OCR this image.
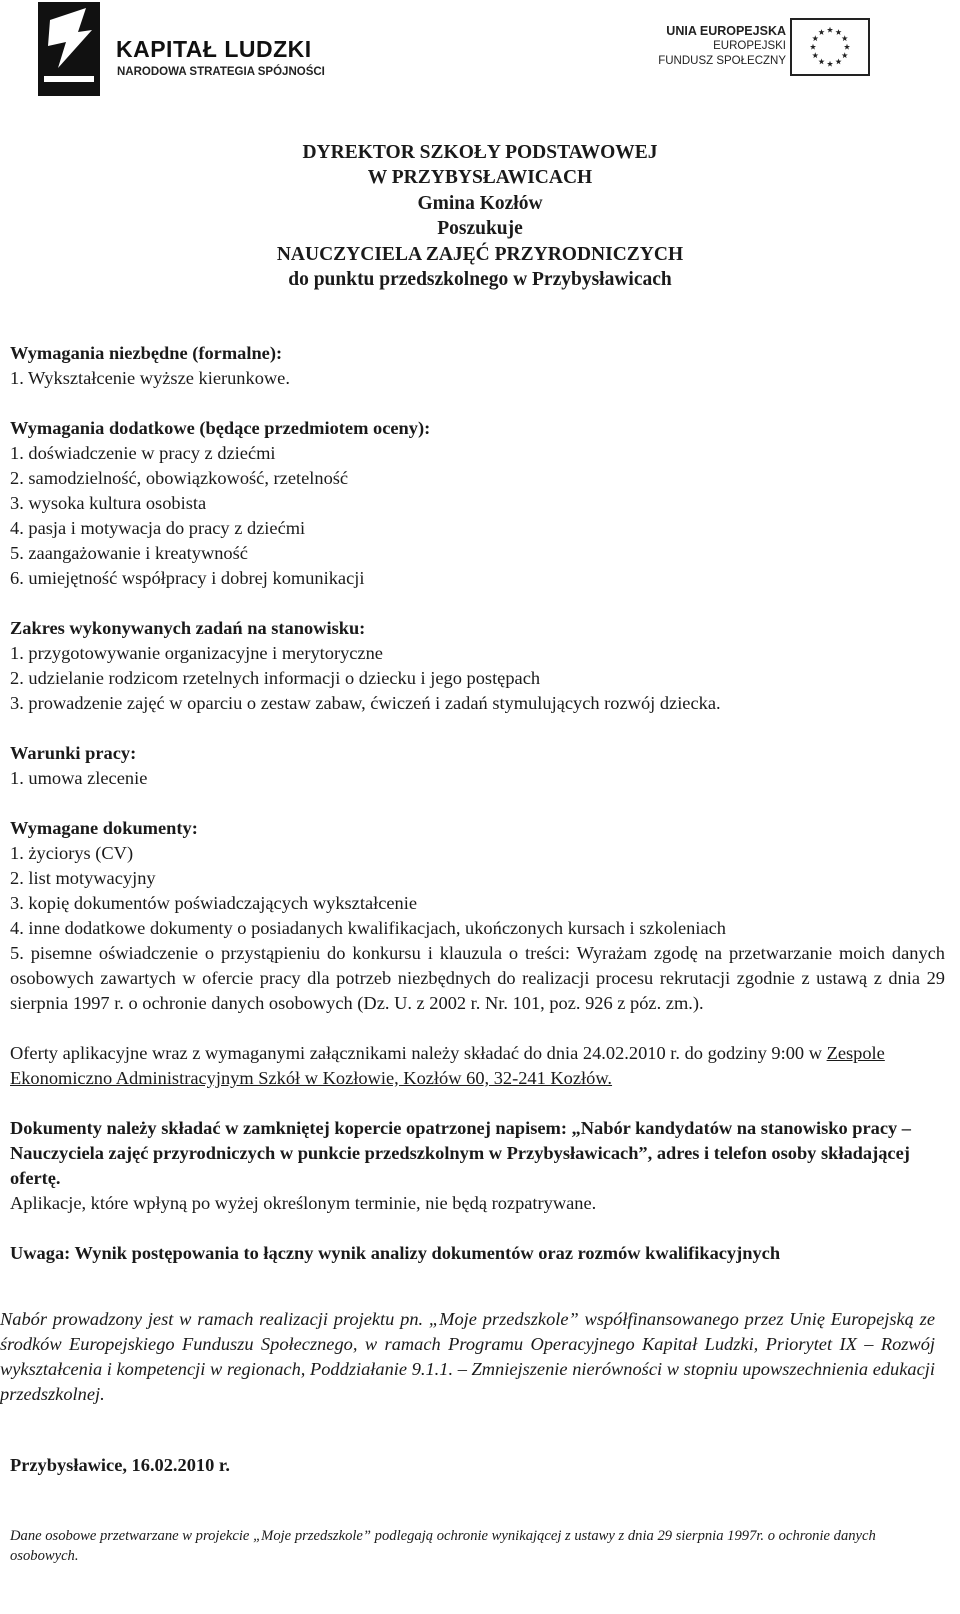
KAPITAŁ LUDZKI
NARODOWA STRATEGIA SPÓJNOŚCI
UNIA EUROPEJSKA
EUROPEJSKI
FUNDUSZ SPOŁECZNY
DYREKTOR SZKOŁY PODSTAWOWEJ
W PRZYBYSŁAWICACH
Gmina Kozłów
Poszukuje
NAUCZYCIELA ZAJĘĆ PRZYRODNICZYCH
do punktu przedszkolnego w Przybysławicach
Wymagania niezbędne (formalne):
1. Wykształcenie wyższe kierunkowe.
Wymagania dodatkowe (będące przedmiotem oceny):
1. doświadczenie w pracy z dziećmi
2. samodzielność, obowiązkowość, rzetelność
3. wysoka kultura osobista
4. pasja i motywacja do pracy z dziećmi
5. zaangażowanie i kreatywność
6. umiejętność współpracy i dobrej komunikacji
Zakres wykonywanych zadań na stanowisku:
1. przygotowywanie organizacyjne i merytoryczne
2. udzielanie rodzicom rzetelnych informacji o dziecku i jego postępach
3. prowadzenie zajęć w oparciu o zestaw zabaw, ćwiczeń i zadań stymulujących rozwój dziecka.
Warunki pracy:
1. umowa zlecenie
Wymagane dokumenty:
1. życiorys (CV)
2. list motywacyjny
3. kopię dokumentów poświadczających wykształcenie
4. inne dodatkowe dokumenty o posiadanych kwalifikacjach, ukończonych kursach i szkoleniach
5. pisemne oświadczenie o przystąpieniu do konkursu i klauzula o treści: Wyrażam zgodę na przetwarzanie moich danych osobowych zawartych w ofercie pracy dla potrzeb niezbędnych do realizacji procesu rekrutacji zgodnie z ustawą z dnia 29 sierpnia 1997 r. o ochronie danych osobowych (Dz. U. z 2002 r. Nr. 101, poz. 926 z póz. zm.).
Oferty aplikacyjne wraz z wymaganymi załącznikami należy składać do dnia 24.02.2010 r. do godziny 9:00 w Zespole Ekonomiczno Administracyjnym Szkół w Kozłowie, Kozłów 60, 32-241 Kozłów.
Dokumenty należy składać w zamkniętej kopercie opatrzonej napisem: „Nabór kandydatów na stanowisko pracy – Nauczyciela zajęć przyrodniczych w punkcie przedszkolnym w Przybysławicach”, adres i telefon osoby składającej ofertę.
Aplikacje, które wpłyną po wyżej określonym terminie, nie będą rozpatrywane.
Uwaga: Wynik postępowania to łączny wynik analizy dokumentów oraz rozmów kwalifikacyjnych
Nabór prowadzony jest w ramach realizacji projektu pn. „Moje przedszkole” współfinansowanego przez Unię Europejską ze środków Europejskiego Funduszu Społecznego, w ramach Programu Operacyjnego Kapitał Ludzki, Priorytet IX – Rozwój wykształcenia i kompetencji w regionach, Poddziałanie 9.1.1. – Zmniejszenie nierówności w stopniu upowszechnienia edukacji przedszkolnej.
Przybysławice, 16.02.2010 r.
Dane osobowe przetwarzane w projekcie „Moje przedszkole” podlegają ochronie wynikającej z ustawy z dnia 29 sierpnia 1997r. o ochronie danych osobowych.
